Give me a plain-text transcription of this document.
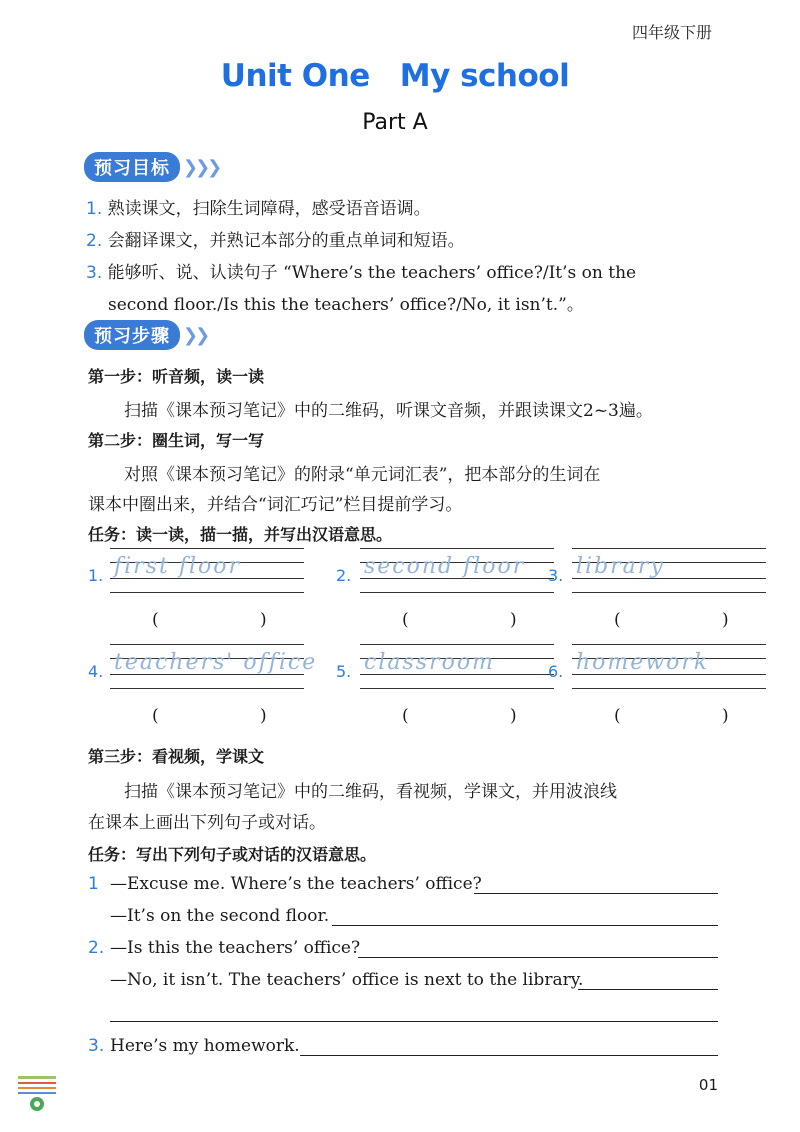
四年级下册
Unit One My school
Part A
预习目标 ❯❯❯
1. 熟读课文，扫除生词障碍，感受语音语调。
2. 会翻译课文，并熟记本部分的重点单词和短语。
3. 能够听、说、认读句子 “Where’s the teachers’ office?/It’s on the
second floor./Is this the teachers’ office?/No, it isn’t.”。
预习步骤 ❯❯
第一步：听音频，读一读
扫描《课本预习笔记》中的二维码，听课文音频，并跟读课文2~3遍。
第二步：圈生词，写一写
对照《课本预习笔记》的附录“单元词汇表”，把本部分的生词在
课本中圈出来，并结合“词汇巧记”栏目提前学习。
任务：读一读，描一描，并写出汉语意思。
1. first floor
(	)
2. second floor
(	)
3. library
(	)
4. teachers' office
(	)
5. classroom
(	)
6. homework
(	)
第三步：看视频，学课文
扫描《课本预习笔记》中的二维码，看视频，学课文，并用波浪线
在课本上画出下列句子或对话。
任务：写出下列句子或对话的汉语意思。
1 —Excuse me. Where’s the teachers’ office?
—It’s on the second floor.
2. —Is this the teachers’ office?
—No, it isn’t. The teachers’ office is next to the library.
3. Here’s my homework.
01
